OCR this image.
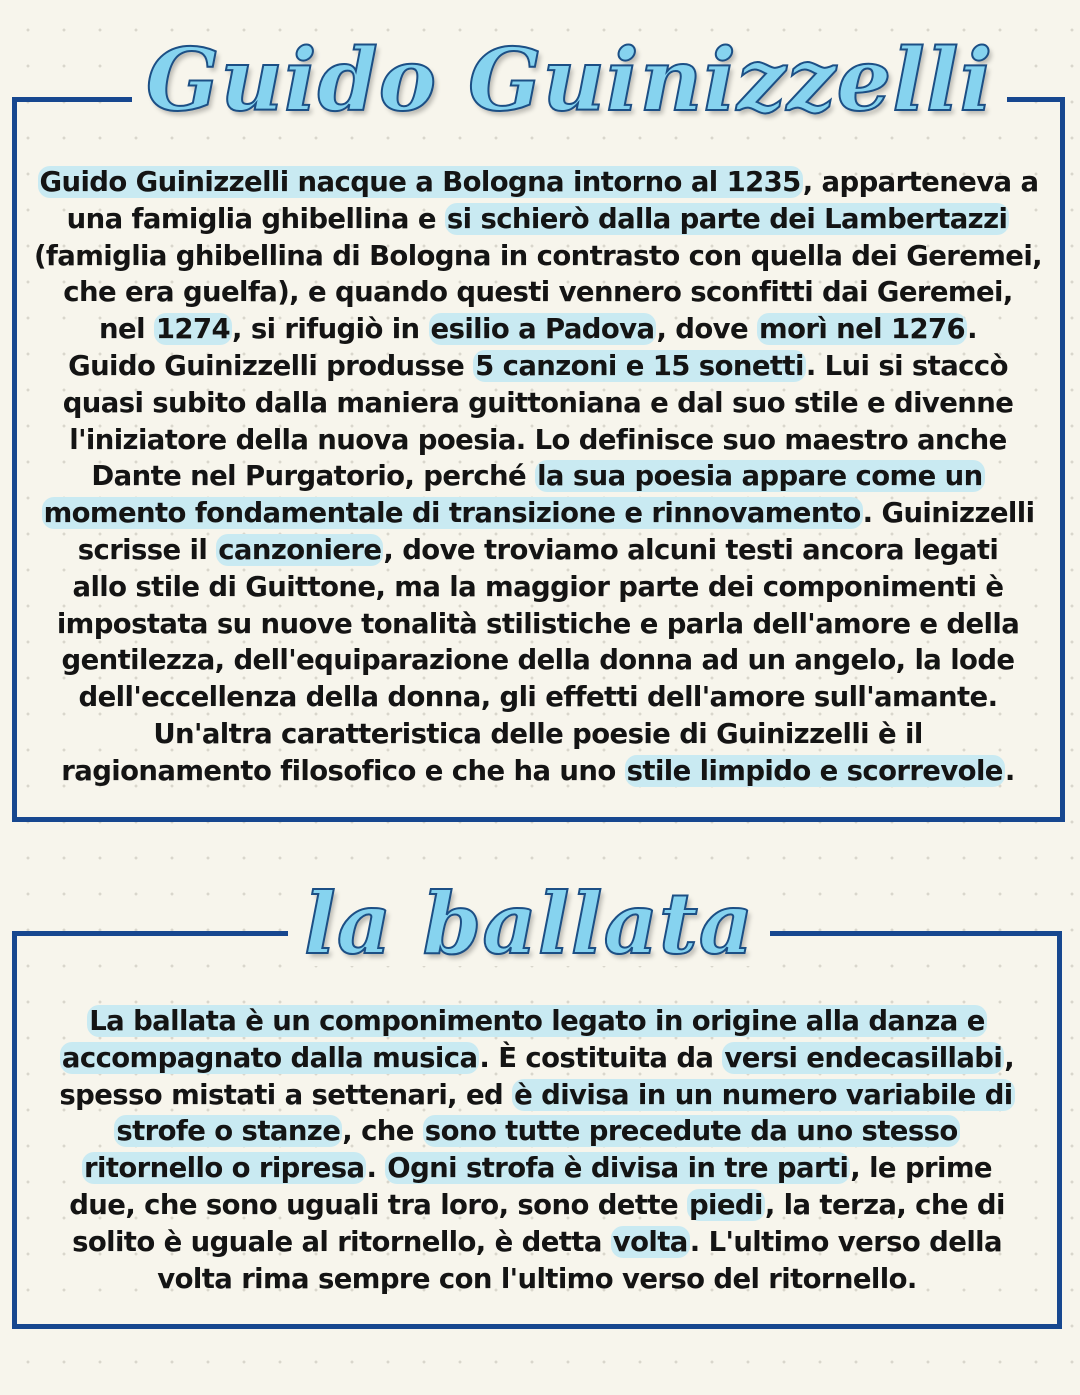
Guido Guinizzelli
Guido Guinizzelli nacque a Bologna intorno al 1235, apparteneva a
una famiglia ghibellina e si schierò dalla parte dei Lambertazzi
(famiglia ghibellina di Bologna in contrasto con quella dei Geremei,
che era guelfa), e quando questi vennero sconfitti dai Geremei,
nel 1274, si rifugiò in esilio a Padova, dove morì nel 1276.
Guido Guinizzelli produsse 5 canzoni e 15 sonetti. Lui si staccò
quasi subito dalla maniera guittoniana e dal suo stile e divenne
l'iniziatore della nuova poesia. Lo definisce suo maestro anche
Dante nel Purgatorio, perché la sua poesia appare come un
momento fondamentale di transizione e rinnovamento. Guinizzelli
scrisse il canzoniere, dove troviamo alcuni testi ancora legati
allo stile di Guittone, ma la maggior parte dei componimenti è
impostata su nuove tonalità stilistiche e parla dell'amore e della
gentilezza, dell'equiparazione della donna ad un angelo, la lode
dell'eccellenza della donna, gli effetti dell'amore sull'amante.
Un'altra caratteristica delle poesie di Guinizzelli è il
ragionamento filosofico e che ha uno stile limpido e scorrevole.
la ballata
La ballata è un componimento legato in origine alla danza e
accompagnato dalla musica. È costituita da versi endecasillabi,
spesso mistati a settenari, ed è divisa in un numero variabile di
strofe o stanze, che sono tutte precedute da uno stesso
ritornello o ripresa. Ogni strofa è divisa in tre parti, le prime
due, che sono uguali tra loro, sono dette piedi, la terza, che di
solito è uguale al ritornello, è detta volta. L'ultimo verso della
volta rima sempre con l'ultimo verso del ritornello.
